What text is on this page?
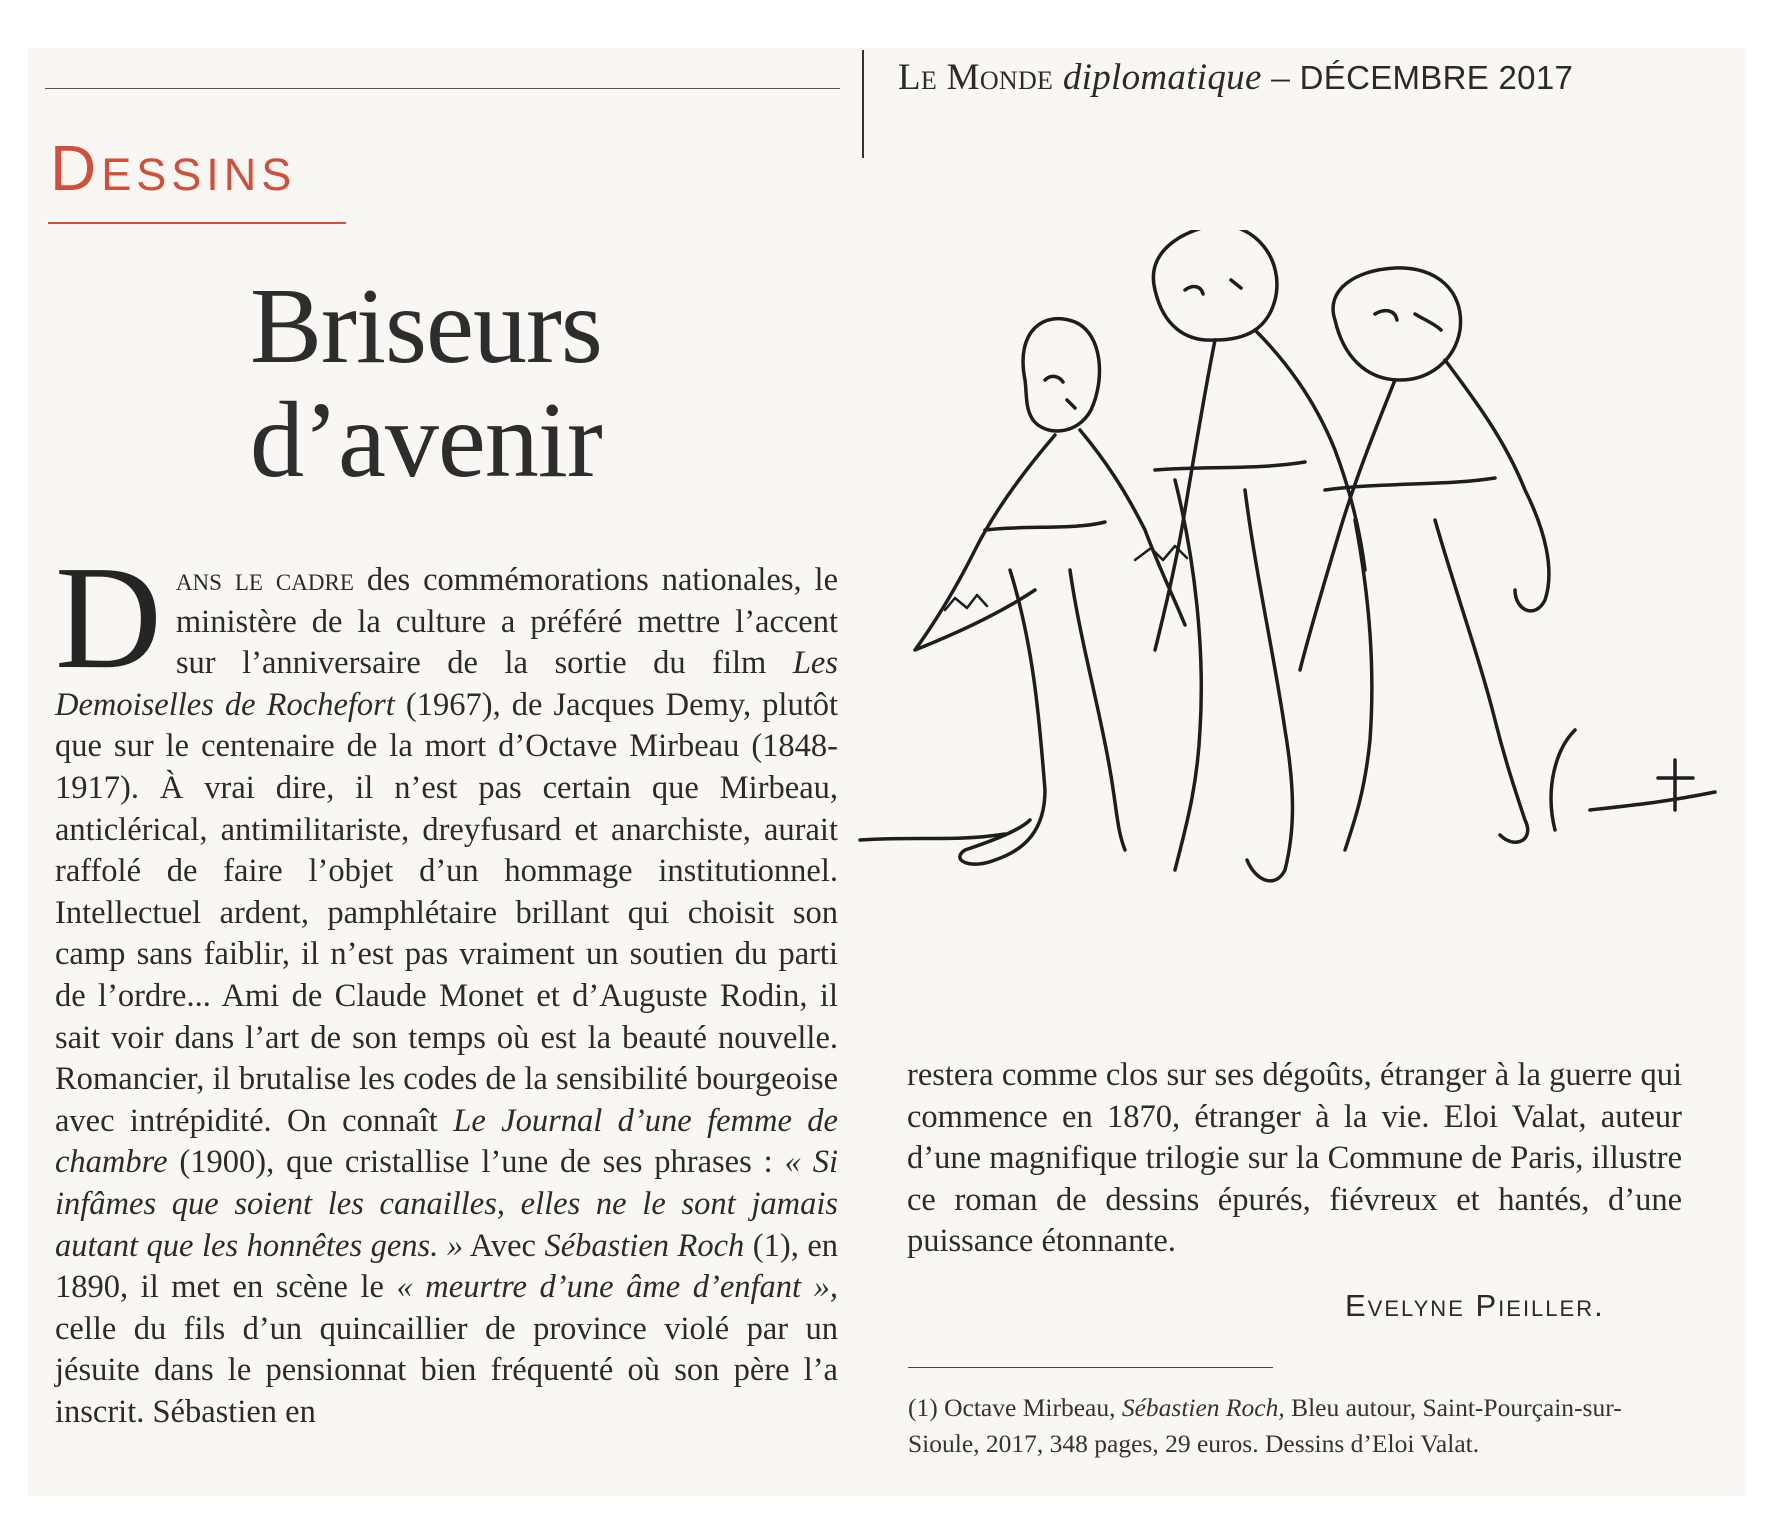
Le Monde diplomatique – DÉCEMBRE 2017
Dessins
Briseurs
d’avenir

Dans le cadre des commémorations nationales, le ministère de la culture a préféré mettre l’accent sur l’anniversaire de la sortie du film Les Demoiselles de Rochefort (1967), de Jacques Demy, plutôt que sur le centenaire de la mort d’Octave Mirbeau (1848-1917). À vrai dire, il n’est pas certain que Mirbeau, anticlérical, antimilitariste, dreyfusard et anarchiste, aurait raffolé de faire l’objet d’un hommage institutionnel. Intellectuel ardent, pamphlétaire brillant qui choisit son camp sans faiblir, il n’est pas vraiment un soutien du parti de l’ordre... Ami de Claude Monet et d’Auguste Rodin, il sait voir dans l’art de son temps où est la beauté nouvelle. Romancier, il brutalise les codes de la sensibilité bourgeoise avec intrépidité. On connaît Le Journal d’une femme de chambre (1900), que cristallise l’une de ses phrases : « Si infâmes que soient les canailles, elles ne le sont jamais autant que les honnêtes gens. » Avec Sébastien Roch (1), en 1890, il met en scène le « meurtre d’une âme d’enfant », celle du fils d’un quincaillier de province violé par un jésuite dans le pensionnat bien fréquenté où son père l’a inscrit. Sébastien en

restera comme clos sur ses dégoûts, étranger à la guerre qui commence en 1870, étranger à la vie. Eloi Valat, auteur d’une magnifique trilogie sur la Commune de Paris, illustre ce roman de dessins épurés, fiévreux et hantés, d’une puissance étonnante.

Evelyne Pieiller.
(1) Octave Mirbeau, Sébastien Roch, Bleu autour, Saint-Pourçain-sur-Sioule, 2017, 348 pages, 29 euros. Dessins d’Eloi Valat.
